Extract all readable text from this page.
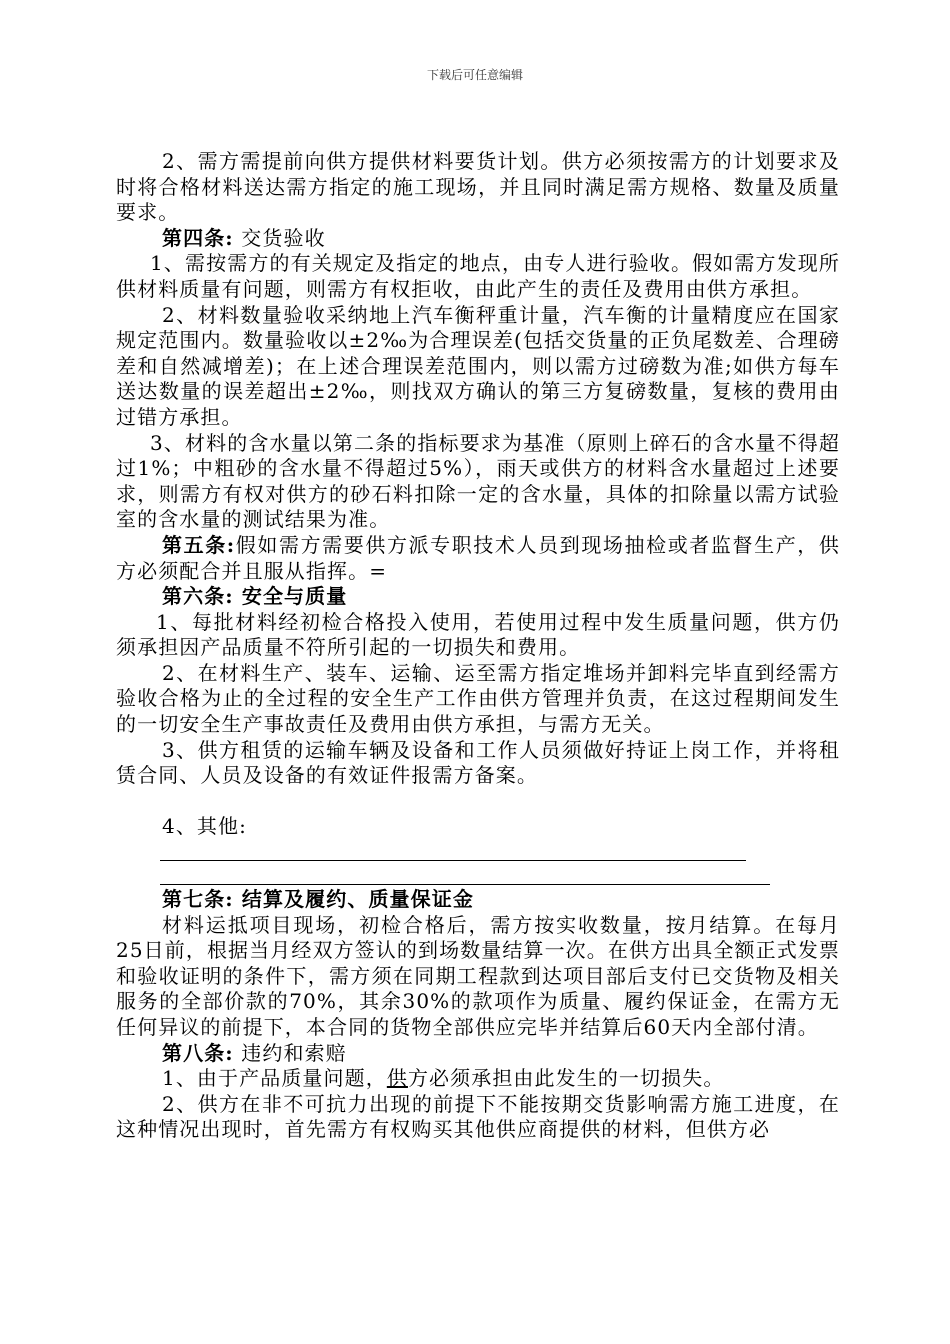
下载后可任意编辑

2、需方需提前向供方提供材料要货计划。供方必须按需方的计划要求及时将合格材料送达需方指定的施工现场，并且同时满足需方规格、数量及质量要求。

第四条: 交货验收

1、需按需方的有关规定及指定的地点，由专人进行验收。假如需方发现所供材料质量有问题，则需方有权拒收，由此产生的责任及费用由供方承担。

2、材料数量验收采纳地上汽车衡秤重计量，汽车衡的计量精度应在国家规定范围内。数量验收以±2‰为合理误差(包括交货量的正负尾数差、合理磅差和自然减增差)；在上述合理误差范围内，则以需方过磅数为准;如供方每车送达数量的误差超出±2‰，则找双方确认的第三方复磅数量，复核的费用由过错方承担。

3、材料的含水量以第二条的指标要求为基准（原则上碎石的含水量不得超过1%；中粗砂的含水量不得超过5%），雨天或供方的材料含水量超过上述要求，则需方有权对供方的砂石料扣除一定的含水量，具体的扣除量以需方试验室的含水量的测试结果为准。

第五条:假如需方需要供方派专职技术人员到现场抽检或者监督生产，供方必须配合并且服从指挥。=

第六条: 安全与质量

1、每批材料经初检合格投入使用，若使用过程中发生质量问题，供方仍须承担因产品质量不符所引起的一切损失和费用。

2、在材料生产、装车、运输、运至需方指定堆场并卸料完毕直到经需方验收合格为止的全过程的安全生产工作由供方管理并负责，在这过程期间发生的一切安全生产事故责任及费用由供方承担，与需方无关。

3、供方租赁的运输车辆及设备和工作人员须做好持证上岗工作，并将租赁合同、人员及设备的有效证件报需方备案。

4、其他:

第七条: 结算及履约、质量保证金

材料运抵项目现场，初检合格后，需方按实收数量，按月结算。在每月25日前，根据当月经双方签认的到场数量结算一次。在供方出具全额正式发票和验收证明的条件下，需方须在同期工程款到达项目部后支付已交货物及相关服务的全部价款的70%，其余30%的款项作为质量、履约保证金，在需方无任何异议的前提下，本合同的货物全部供应完毕并结算后60天内全部付清。

第八条: 违约和索赔

1、由于产品质量问题，供方必须承担由此发生的一切损失。

2、供方在非不可抗力出现的前提下不能按期交货影响需方施工进度，在这种情况出现时，首先需方有权购买其他供应商提供的材料，但供方必
